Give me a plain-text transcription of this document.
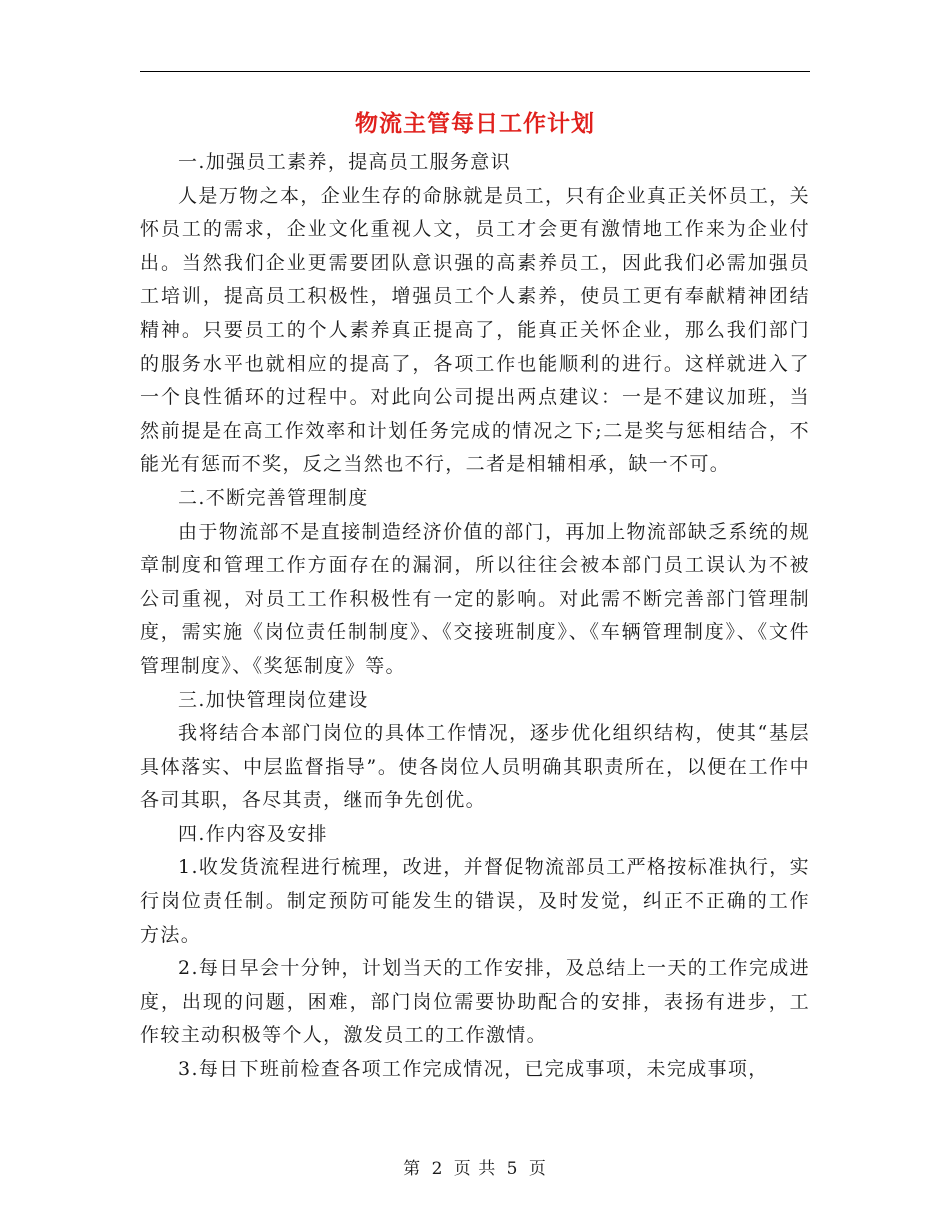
物流主管每日工作计划

一.加强员工素养，提高员工服务意识

人是万物之本，企业生存的命脉就是员工，只有企业真正关怀员工，关怀员工的需求，企业文化重视人文，员工才会更有激情地工作来为企业付出。当然我们企业更需要团队意识强的高素养员工，因此我们必需加强员工培训，提高员工积极性，增强员工个人素养，使员工更有奉献精神团结精神。只要员工的个人素养真正提高了，能真正关怀企业，那么我们部门的服务水平也就相应的提高了，各项工作也能顺利的进行。这样就进入了一个良性循环的过程中。对此向公司提出两点建议：一是不建议加班，当然前提是在高工作效率和计划任务完成的情况之下;二是奖与惩相结合，不能光有惩而不奖，反之当然也不行，二者是相辅相承，缺一不可。

二.不断完善管理制度

由于物流部不是直接制造经济价值的部门，再加上物流部缺乏系统的规章制度和管理工作方面存在的漏洞，所以往往会被本部门员工误认为不被公司重视，对员工工作积极性有一定的影响。对此需不断完善部门管理制度，需实施《岗位责任制制度》、《交接班制度》、《车辆管理制度》、《文件管理制度》、《奖惩制度》等。

三.加快管理岗位建设

我将结合本部门岗位的具体工作情况，逐步优化组织结构，使其“基层具体落实、中层监督指导”。使各岗位人员明确其职责所在，以便在工作中各司其职，各尽其责，继而争先创优。

四.作内容及安排

1.收发货流程进行梳理，改进，并督促物流部员工严格按标准执行，实行岗位责任制。制定预防可能发生的错误，及时发觉，纠正不正确的工作方法。

2.每日早会十分钟，计划当天的工作安排，及总结上一天的工作完成进度，出现的问题，困难，部门岗位需要协助配合的安排，表扬有进步，工作较主动积极等个人，激发员工的工作激情。

3.每日下班前检查各项工作完成情况，已完成事项，未完成事项，

第 2 页 共 5 页
